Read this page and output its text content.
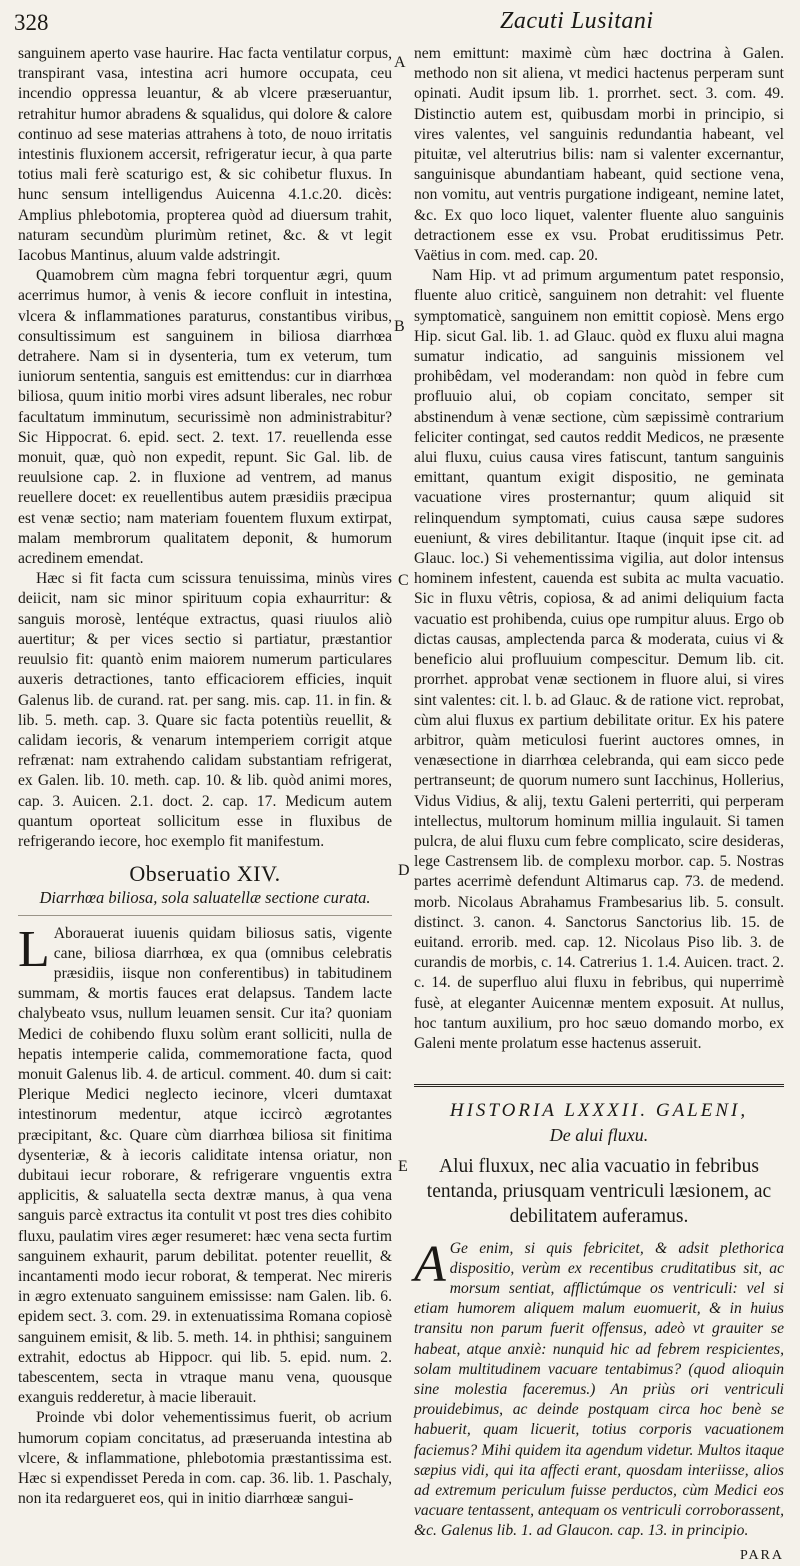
328	Zacuti Lusitani
A
B
C
D
E

sanguinem aperto vase haurire. Hac facta ventilatur corpus, transpirant vasa, intestina acri humore occupata, ceu incendio oppressa leuantur, & ab vlcere præseruantur, retrahitur humor abradens & squalidus, qui dolore & calore continuo ad sese materias attrahens à toto, de nouo irritatis intestinis fluxionem accersit, refrigeratur iecur, à qua parte totius mali ferè scaturigo est, & sic cohibetur fluxus. In hunc sensum intelligendus Auicenna 4.1.c.20. dicès: Amplius phlebotomia, propterea quòd ad diuersum trahit, naturam secundùm plurimùm retinet, &c. & vt legit Iacobus Mantinus, aluum valde adstringit.

Quamobrem cùm magna febri torquentur ægri, quum acerrimus humor, à venis & iecore confluit in intestina, vlcera & inflammationes paraturus, constantibus viribus, consultissimum est sanguinem in biliosa diarrhœa detrahere. Nam si in dysenteria, tum ex veterum, tum iuniorum sententia, sanguis est emittendus: cur in diarrhœa biliosa, quum initio morbi vires adsunt liberales, nec robur facultatum imminutum, securissimè non administrabitur? Sic Hippocrat. 6. epid. sect. 2. text. 17. reuellenda esse monuit, quæ, quò non expedit, repunt. Sic Gal. lib. de reuulsione cap. 2. in fluxione ad ventrem, ad manus reuellere docet: ex reuellentibus autem præsidiis præcipua est venæ sectio; nam materiam fouentem fluxum extirpat, malam membrorum qualitatem deponit, & humorum acredinem emendat.

Hæc si fit facta cum scissura tenuissima, minùs vires deiicit, nam sic minor spirituum copia exhaurritur: & sanguis morosè, lentéque extractus, quasi riuulos aliò auertitur; & per vices sectio si partiatur, præstantior reuulsio fit: quantò enim maiorem numerum particulares auxeris detractiones, tanto efficaciorem efficies, inquit Galenus lib. de curand. rat. per sang. mis. cap. 11. in fin. & lib. 5. meth. cap. 3. Quare sic facta potentiùs reuellit, & calidam iecoris, & venarum intemperiem corrigit atque refrænat: nam extrahendo calidam substantiam refrigerat, ex Galen. lib. 10. meth. cap. 10. & lib. quòd animi mores, cap. 3. Auicen. 2.1. doct. 2. cap. 17. Medicum autem quantum oporteat sollicitum esse in fluxibus de refrigerando iecore, hoc exemplo fit manifestum.

Obseruatio XIV.
Diarrhœa biliosa, sola saluatellæ sectione curata.

L Aborauerat iuuenis quidam biliosus satis, vigente cane, biliosa diarrhœa, ex qua (omnibus celebratis præsidiis, iisque non conferentibus) in tabitudinem summam, & mortis fauces erat delapsus. Tandem lacte chalybeato vsus, nullum leuamen sensit. Cur ita? quoniam Medici de cohibendo fluxu solùm erant solliciti, nulla de hepatis intemperie calida, commemoratione facta, quod monuit Galenus lib. 4. de articul. comment. 40. dum si cait: Plerique Medici neglecto iecinore, vlceri dumtaxat intestinorum medentur, atque iccircò ægrotantes præcipitant, &c. Quare cùm diarrhœa biliosa sit finitima dysenteriæ, & à iecoris caliditate intensa oriatur, non dubitaui iecur roborare, & refrigerare vnguentis extra applicitis, & saluatella secta dextræ manus, à qua vena sanguis parcè extractus ita contulit vt post tres dies cohibito fluxu, paulatim vires æger resumeret: hæc vena secta furtim sanguinem exhaurit, parum debilitat. potenter reuellit, & incantamenti modo iecur roborat, & temperat. Nec mireris in ægro extenuato sanguinem emississe: nam Galen. lib. 6. epidem sect. 3. com. 29. in extenuatissima Romana copiosè sanguinem emisit, & lib. 5. meth. 14. in phthisi; sanguinem extrahit, edoctus ab Hippocr. qui lib. 5. epid. num. 2. tabescentem, secta in vtraque manu vena, quousque exanguis redderetur, à macie liberauit.

Proinde vbi dolor vehementissimus fuerit, ob acrium humorum copiam concitatus, ad præseruanda intestina ab vlcere, & inflammatione, phlebotomia præstantissima est. Hæc si expendisset Pereda in com. cap. 36. lib. 1. Paschaly, non ita redargueret eos, qui in initio diarrhœæ sangui-

nem emittunt: maximè cùm hæc doctrina à Galen. methodo non sit aliena, vt medici hactenus perperam sunt opinati. Audit ipsum lib. 1. prorrhet. sect. 3. com. 49. Distinctio autem est, quibusdam morbi in principio, si vires valentes, vel sanguinis redundantia habeant, vel pituitæ, vel alterutrius bilis: nam si valenter excernantur, sanguinisque abundantiam habeant, quid sectione vena, non vomitu, aut ventris purgatione indigeant, nemine latet, &c. Ex quo loco liquet, valenter fluente aluo sanguinis detractionem esse ex vsu. Probat eruditissimus Petr. Vaëtius in com. med. cap. 20.

Nam Hip. vt ad primum argumentum patet responsio, fluente aluo criticè, sanguinem non detrahit: vel fluente symptomaticè, sanguinem non emittit copiosè. Mens ergo Hip. sicut Gal. lib. 1. ad Glauc. quòd ex fluxu alui magna sumatur indicatio, ad sanguinis missionem vel prohibêdam, vel moderandam: non quòd in febre cum profluuio alui, ob copiam concitato, semper sit abstinendum à venæ sectione, cùm sæpissimè contrarium feliciter contingat, sed cautos reddit Medicos, ne præsente alui fluxu, cuius causa vires fatiscunt, tantum sanguinis emittant, quantum exigit dispositio, ne geminata vacuatione vires prosternantur; quum aliquid sit relinquendum symptomati, cuius causa sæpe sudores eueniunt, & vires debilitantur. Itaque (inquit ipse cit. ad Glauc. loc.) Si vehementissima vigilia, aut dolor intensus hominem infestent, cauenda est subita ac multa vacuatio. Sic in fluxu vêtris, copiosa, & ad animi deliquium facta vacuatio est prohibenda, cuius ope rumpitur aluus. Ergo ob dictas causas, amplectenda parca & moderata, cuius vi & beneficio alui profluuium compescitur. Demum lib. cit. prorrhet. approbat venæ sectionem in fluore alui, si vires sint valentes: cit. l. b. ad Glauc. & de ratione vict. reprobat, cùm alui fluxus ex partium debilitate oritur. Ex his patere arbitror, quàm meticulosi fuerint auctores omnes, in venæsectione in diarrhœa celebranda, qui eam sicco pede pertranseunt; de quorum numero sunt Iacchinus, Hollerius, Vidus Vidius, & alij, textu Galeni perterriti, qui perperam intellectus, multorum hominum millia ingulauit. Si tamen pulcra, de alui fluxu cum febre complicato, scire desideras, lege Castrensem lib. de complexu morbor. cap. 5. Nostras partes acerrimè defendunt Altimarus cap. 73. de medend. morb. Nicolaus Abrahamus Frambesarius lib. 5. consult. distinct. 3. canon. 4. Sanctorus Sanctorius lib. 15. de euitand. errorib. med. cap. 12. Nicolaus Piso lib. 3. de curandis de morbis, c. 14. Catrerius 1. 1.4. Auicen. tract. 2. c. 14. de superfluo alui fluxu in febribus, qui nuperrimè fusè, at eleganter Auicennæ mentem exposuit. At nullus, hoc tantum auxilium, pro hoc sæuo domando morbo, ex Galeni mente prolatum esse hactenus asseruit.

HISTORIA LXXXII. GALENI,
De alui fluxu.
Alui fluxux, nec alia vacuatio in febribus tentanda, priusquam ventriculi læsionem, ac debilitatem auferamus.

A Ge enim, si quis febricitet, & adsit plethorica dispositio, verùm ex recentibus cruditatibus sit, ac morsum sentiat, afflictúmque os ventriculi: vel si etiam humorem aliquem malum euomuerit, & in huius transitu non parum fuerit offensus, adeò vt grauiter se habeat, atque anxiè: nunquid hic ad febrem respicientes, solam multitudinem vacuare tentabimus? (quod alioquin sine molestia faceremus.) An priùs ori ventriculi prouidebimus, ac deinde postquam circa hoc benè se habuerit, quam licuerit, totius corporis vacuationem faciemus? Mihi quidem ita agendum videtur. Multos itaque sæpius vidi, qui ita affecti erant, quosdam interiisse, alios ad extremum periculum fuisse perductos, cùm Medici eos vacuare tentassent, antequam os ventriculi corroborassent, &c. Galenus lib. 1. ad Glaucon. cap. 13. in principio.

PARA
